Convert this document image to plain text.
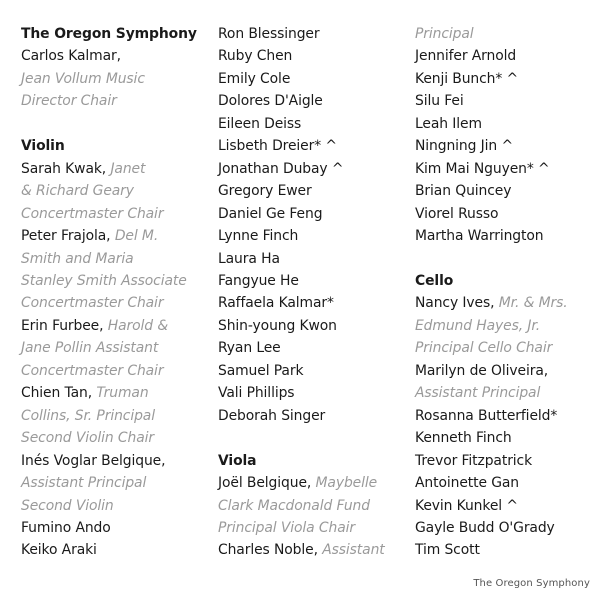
The Oregon Symphony
Carlos Kalmar,
Jean Vollum Music
Director Chair
Violin
Sarah Kwak, Janet
& Richard Geary
Concertmaster Chair
Peter Frajola, Del M.
Smith and Maria
Stanley Smith Associate
Concertmaster Chair
Erin Furbee, Harold &
Jane Pollin Assistant
Concertmaster Chair
Chien Tan, Truman
Collins, Sr. Principal
Second Violin Chair
Inés Voglar Belgique,
Assistant Principal
Second Violin
Fumino Ando
Keiko Araki
Ron Blessinger
Ruby Chen
Emily Cole
Dolores D'Aigle
Eileen Deiss
Lisbeth Dreier* ^
Jonathan Dubay ^
Gregory Ewer
Daniel Ge Feng
Lynne Finch
Laura Ha
Fangyue He
Raffaela Kalmar*
Shin-young Kwon
Ryan Lee
Samuel Park
Vali Phillips
Deborah Singer
Viola
Joël Belgique, Maybelle
Clark Macdonald Fund
Principal Viola Chair
Charles Noble, Assistant
Principal
Jennifer Arnold
Kenji Bunch* ^
Silu Fei
Leah Ilem
Ningning Jin ^
Kim Mai Nguyen* ^
Brian Quincey
Viorel Russo
Martha Warrington
Cello
Nancy Ives, Mr. & Mrs.
Edmund Hayes, Jr.
Principal Cello Chair
Marilyn de Oliveira,
Assistant Principal
Rosanna Butterfield*
Kenneth Finch
Trevor Fitzpatrick
Antoinette Gan
Kevin Kunkel ^
Gayle Budd O'Grady
Tim Scott
The Oregon Symphony
